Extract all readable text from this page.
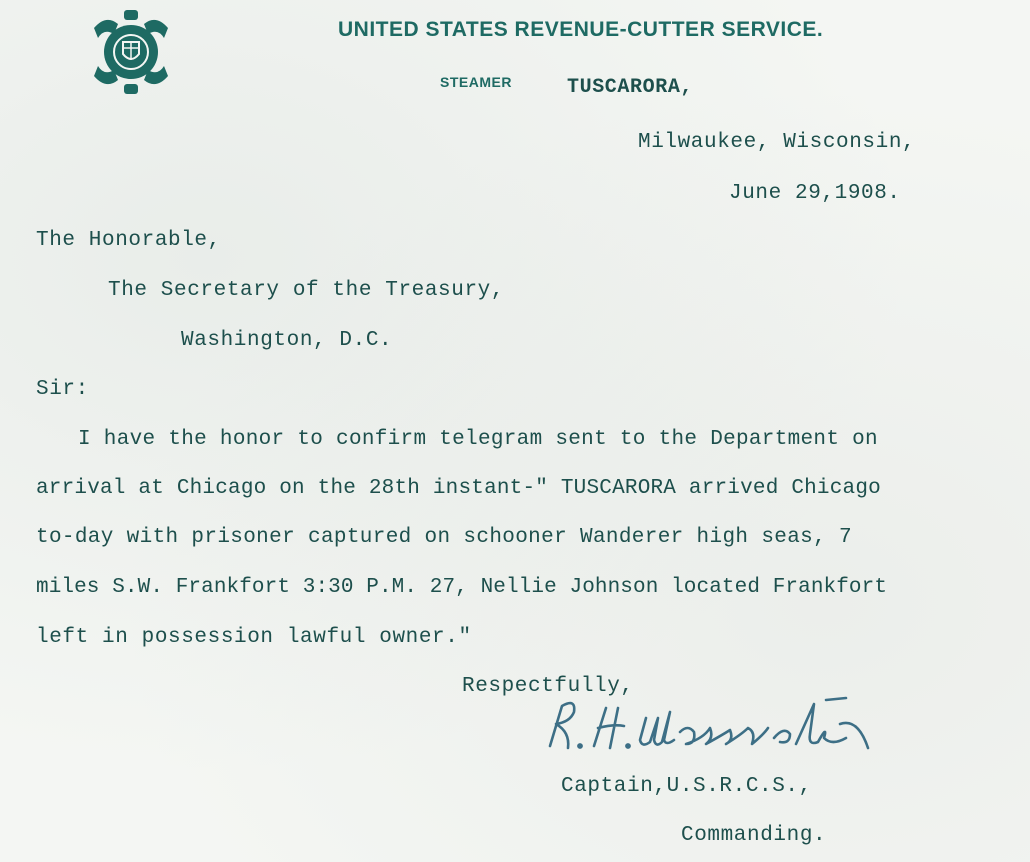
UNITED STATES REVENUE-CUTTER SERVICE.
STEAMER	TUSCARORA,
Milwaukee, Wisconsin,
June 29,1908.
The Honorable,
The Secretary of the Treasury,
Washington, D.C.
Sir:
I have the honor to confirm telegram sent to the Department on
arrival at Chicago on the 28th instant-" TUSCARORA arrived Chicago
to-day with prisoner captured on schooner Wanderer high seas, 7
miles S.W. Frankfort 3:30 P.M. 27, Nellie Johnson located Frankfort
left in possession lawful owner."
Respectfully,
Captain,U.S.R.C.S.,
Commanding.
